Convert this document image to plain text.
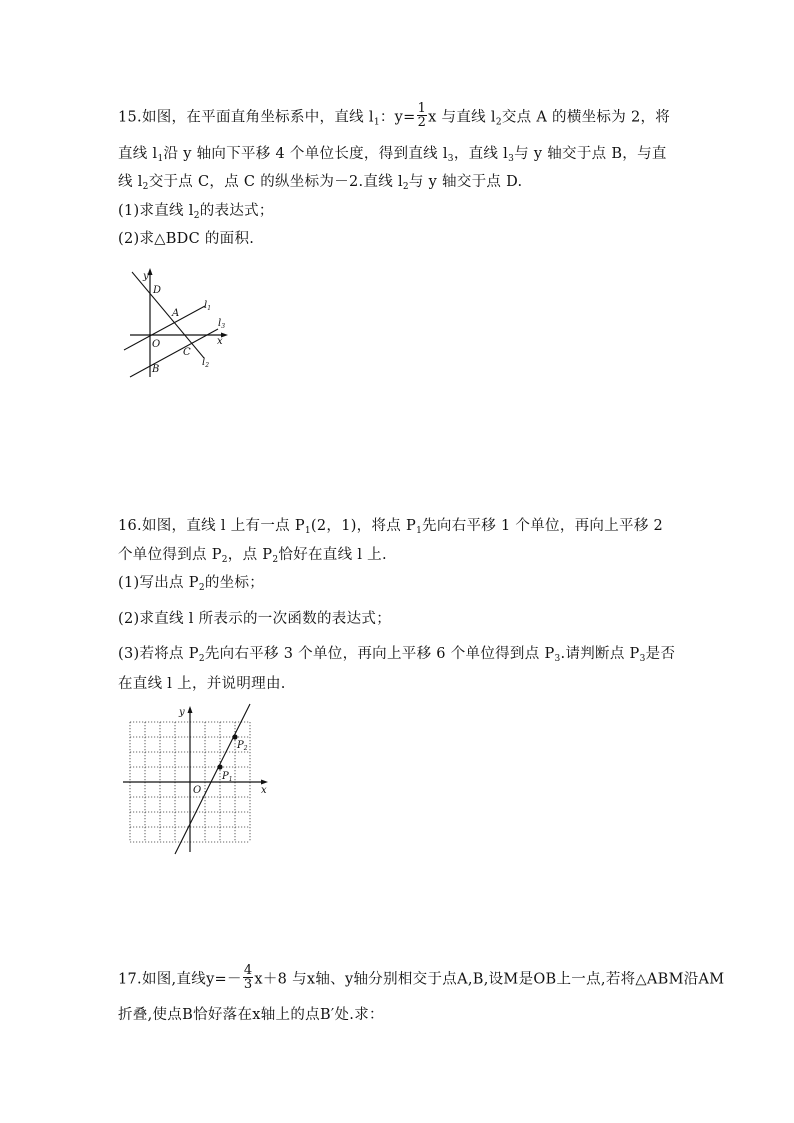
15.如图，在平面直角坐标系中，直线 $l_1$：$y= \frac{1}{2}$ x 与直线 $l_2$交点 A 的横坐标为 2，将
直线 $l_1$沿 y 轴向下平移 4 个单位长度，得到直线 $l_3$，直线 $l_3$与 y 轴交于点 B，与直
线 $l_2$交于点 C，点 C 的纵坐标为－2.直线 $l_2$与 y 轴交于点 D.
(1)求直线 $l_2$的表达式；
(2)求△BDC 的面积.
y
D
A
$l_1$
$l_3$
x
O
C
$l_2$
B
16.如图，直线 l 上有一点 $P_1(2$，1)，将点 $P_1$先向右平移 1 个单位，再向上平移 2
个单位得到点 $P_2$，点 $P_2$恰好在直线 l 上.
(1)写出点 $P_2$的坐标；
(2)求直线 l 所表示的一次函数的表达式；
(3)若将点 $P_2$先向右平移 3 个单位，再向上平移 6 个单位得到点 $P_3$.请判断点 $P_3$是否
在直线 l 上，并说明理由.
y
x
O
$P_1$
$P_2$
17.如图,直线$y=- \frac{4}{3} x+8$ 与x轴、y轴分别相交于点A,B,设M是OB上一点,若将△ABM沿AM
折叠,使点B恰好落在x轴上的点B′处.求：
